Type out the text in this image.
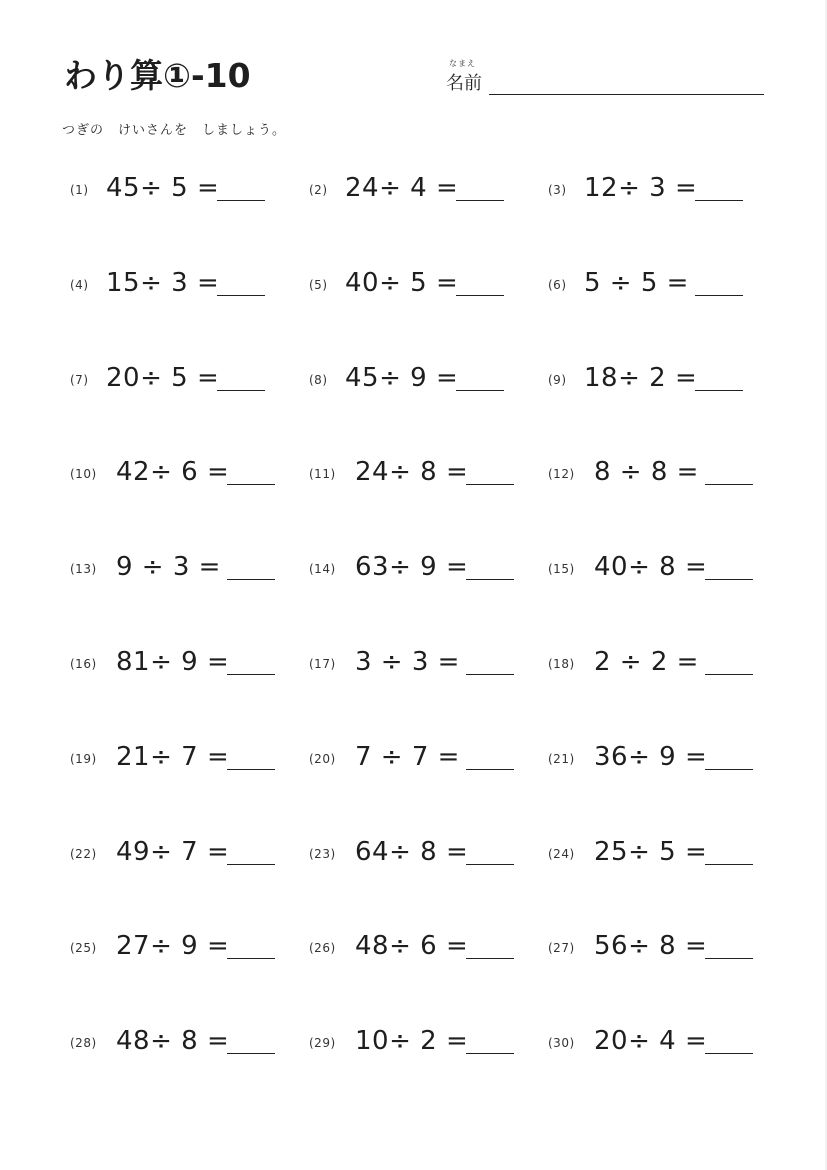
わり算①-10	なまえ
名前
つぎの　けいさんを　しましょう。
(1) 45÷ 5 =	(2) 24÷ 4 =	(3) 12÷ 3 =
(4) 15÷ 3 =	(5) 40÷ 5 =	(6) 5 ÷ 5 =
(7) 20÷ 5 =	(8) 45÷ 9 =	(9) 18÷ 2 =
(10) 42÷ 6 =	(11) 24÷ 8 =	(12) 8 ÷ 8 =
(13) 9 ÷ 3 =	(14) 63÷ 9 =	(15) 40÷ 8 =
(16) 81÷ 9 =	(17) 3 ÷ 3 =	(18) 2 ÷ 2 =
(19) 21÷ 7 =	(20) 7 ÷ 7 =	(21) 36÷ 9 =
(22) 49÷ 7 =	(23) 64÷ 8 =	(24) 25÷ 5 =
(25) 27÷ 9 =	(26) 48÷ 6 =	(27) 56÷ 8 =
(28) 48÷ 8 =	(29) 10÷ 2 =	(30) 20÷ 4 =
